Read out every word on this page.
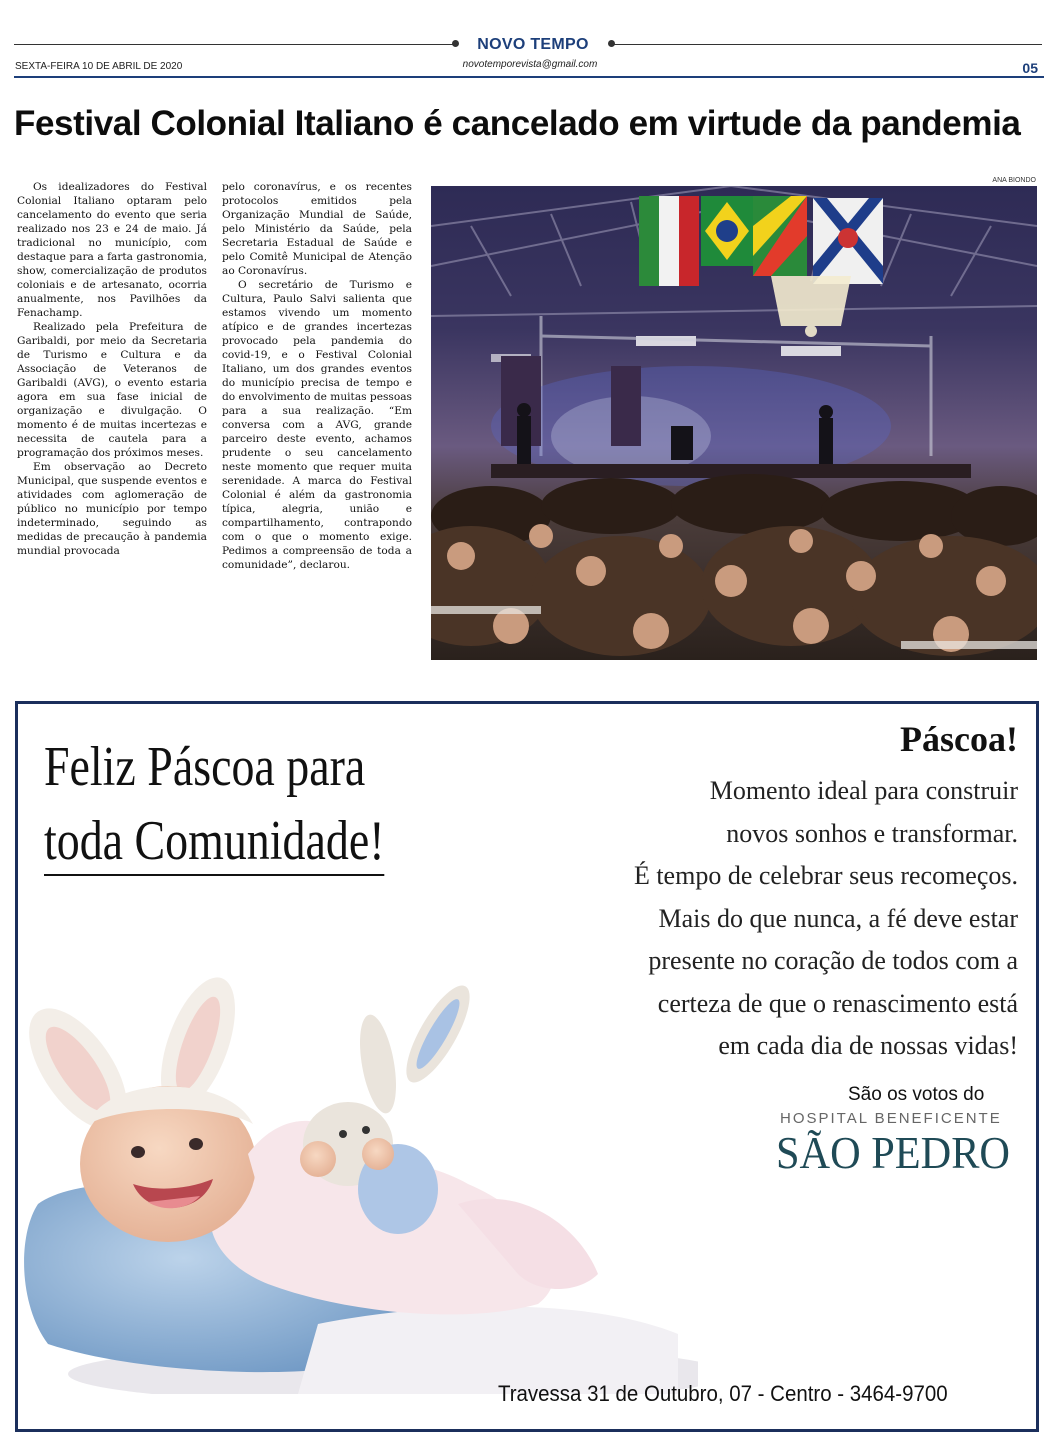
NOVO TEMPO
SEXTA-FEIRA 10 DE ABRIL DE 2020	novotemporevista@gmail.com	05
Festival Colonial Italiano é cancelado em virtude da pandemia

Os idealizadores do Festival Colonial Italiano optaram pelo cancelamento do evento que seria realizado nos 23 e 24 de maio. Já tradicional no município, com destaque para a farta gastronomia, show, comercialização de produtos coloniais e de artesanato, ocorria anualmente, nos Pavilhões da Fenachamp.

Realizado pela Prefeitura de Garibaldi, por meio da Secretaria de Turismo e Cultura e da Associação de Veteranos de Garibaldi (AVG), o evento estaria agora em sua fase inicial de organização e divulgação. O momento é de muitas incertezas e necessita de cautela para a programação dos próximos meses.

Em observação ao Decreto Municipal, que suspende eventos e atividades com aglomeração de público no município por tempo indeterminado, seguindo as medidas de precaução à pandemia mundial provocada

pelo coronavírus, e os recentes protocolos emitidos pela Organização Mundial de Saúde, pelo Ministério da Saúde, pela Secretaria Estadual de Saúde e pelo Comitê Municipal de Atenção ao Coronavírus.

O secretário de Turismo e Cultura, Paulo Salvi salienta que estamos vivendo um momento atípico e de grandes incertezas provocado pela pandemia do covid-19, e o Festival Colonial Italiano, um dos grandes eventos do município precisa de tempo e do envolvimento de muitas pessoas para a sua realização. “Em conversa com a AVG, grande parceiro deste evento, achamos prudente o seu cancelamento neste momento que requer muita serenidade. A marca do Festival Colonial é além da gastronomia típica, alegria, união e compartilhamento, contrapondo com o que o momento exige. Pedimos a compreensão de toda a comunidade”, declarou.

ANA BIONDO
Feliz Páscoa para
toda Comunidade!
Páscoa!
Momento ideal para construir
novos sonhos e transformar.
É tempo de celebrar seus recomeços.
Mais do que nunca, a fé deve estar
presente no coração de todos com a
certeza de que o renascimento está
em cada dia de nossas vidas!
São os votos do
HOSPITAL BENEFICENTE
SÃO PEDRO
Travessa 31 de Outubro, 07 - Centro - 3464-9700
